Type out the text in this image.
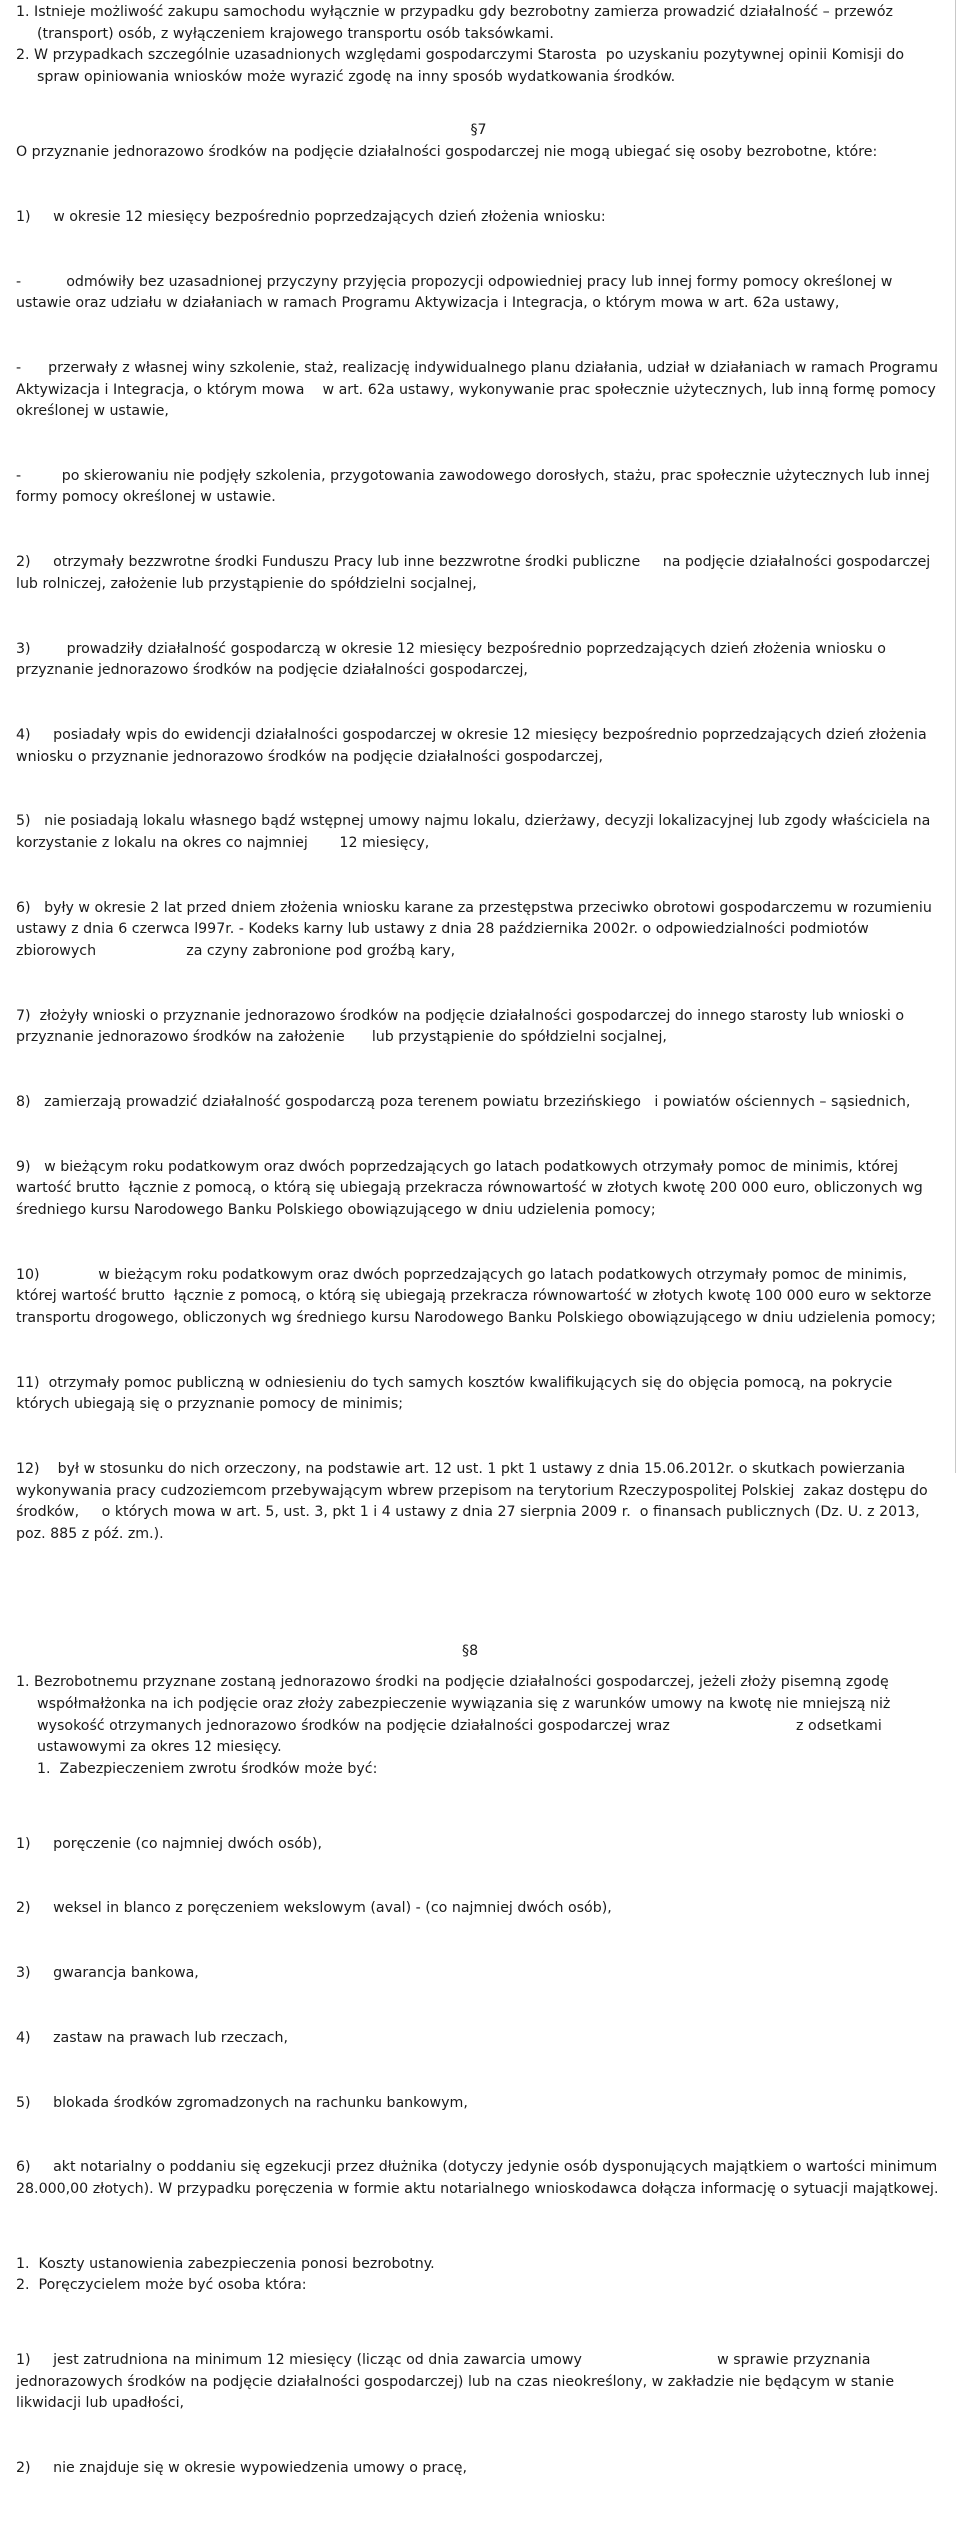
1. Istnieje możliwość zakupu samochodu wyłącznie w przypadku gdy bezrobotny zamierza prowadzić działalność – przewóz (transport) osób, z wyłączeniem krajowego transportu osób taksówkami.

2. W przypadkach szczególnie uzasadnionych względami gospodarczymi Starosta  po uzyskaniu pozytywnej opinii Komisji do spraw opiniowania wniosków może wyrazić zgodę na inny sposób wydatkowania środków.

§7

O przyznanie jednorazowo środków na podjęcie działalności gospodarczej nie mogą ubiegać się osoby bezrobotne, które:

1)     w okresie 12 miesięcy bezpośrednio poprzedzających dzień złożenia wniosku:

-          odmówiły bez uzasadnionej przyczyny przyjęcia propozycji odpowiedniej pracy lub innej formy pomocy określonej w ustawie oraz udziału w działaniach w ramach Programu Aktywizacja i Integracja, o którym mowa w art. 62a ustawy,

-      przerwały z własnej winy szkolenie, staż, realizację indywidualnego planu działania, udział w działaniach w ramach Programu Aktywizacja i Integracja, o którym mowa    w art. 62a ustawy, wykonywanie prac społecznie użytecznych, lub inną formę pomocy określonej w ustawie,

-         po skierowaniu nie podjęły szkolenia, przygotowania zawodowego dorosłych, stażu, prac społecznie użytecznych lub innej formy pomocy określonej w ustawie.

2)     otrzymały bezzwrotne środki Funduszu Pracy lub inne bezzwrotne środki publiczne     na podjęcie działalności gospodarczej lub rolniczej, założenie lub przystąpienie do spółdzielni socjalnej,

3)        prowadziły działalność gospodarczą w okresie 12 miesięcy bezpośrednio poprzedzających dzień złożenia wniosku o przyznanie jednorazowo środków na podjęcie działalności gospodarczej,

4)     posiadały wpis do ewidencji działalności gospodarczej w okresie 12 miesięcy bezpośrednio poprzedzających dzień złożenia wniosku o przyznanie jednorazowo środków na podjęcie działalności gospodarczej,

5)   nie posiadają lokalu własnego bądź wstępnej umowy najmu lokalu, dzierżawy, decyzji lokalizacyjnej lub zgody właściciela na korzystanie z lokalu na okres co najmniej       12 miesięcy,

6)   były w okresie 2 lat przed dniem złożenia wniosku karane za przestępstwa przeciwko obrotowi gospodarczemu w rozumieniu ustawy z dnia 6 czerwca l997r. - Kodeks karny lub ustawy z dnia 28 października 2002r. o odpowiedzialności podmiotów zbiorowych                    za czyny zabronione pod groźbą kary,

7)  złożyły wnioski o przyznanie jednorazowo środków na podjęcie działalności gospodarczej do innego starosty lub wnioski o przyznanie jednorazowo środków na założenie      lub przystąpienie do spółdzielni socjalnej,

8)   zamierzają prowadzić działalność gospodarczą poza terenem powiatu brzezińskiego   i powiatów ościennych – sąsiednich,

9)   w bieżącym roku podatkowym oraz dwóch poprzedzających go latach podatkowych otrzymały pomoc de minimis, której wartość brutto  łącznie z pomocą, o którą się ubiegają przekracza równowartość w złotych kwotę 200 000 euro, obliczonych wg średniego kursu Narodowego Banku Polskiego obowiązującego w dniu udzielenia pomocy;

10)             w bieżącym roku podatkowym oraz dwóch poprzedzających go latach podatkowych otrzymały pomoc de minimis, której wartość brutto  łącznie z pomocą, o którą się ubiegają przekracza równowartość w złotych kwotę 100 000 euro w sektorze transportu drogowego, obliczonych wg średniego kursu Narodowego Banku Polskiego obowiązującego w dniu udzielenia pomocy;

11)  otrzymały pomoc publiczną w odniesieniu do tych samych kosztów kwalifikujących się do objęcia pomocą, na pokrycie których ubiegają się o przyznanie pomocy de minimis;

12)    był w stosunku do nich orzeczony, na podstawie art. 12 ust. 1 pkt 1 ustawy z dnia 15.06.2012r. o skutkach powierzania wykonywania pracy cudzoziemcom przebywającym wbrew przepisom na terytorium Rzeczypospolitej Polskiej  zakaz dostępu do środków,     o których mowa w art. 5, ust. 3, pkt 1 i 4 ustawy z dnia 27 sierpnia 2009 r.  o finansach publicznych (Dz. U. z 2013, poz. 885 z póź. zm.).

§8

1. Bezrobotnemu przyznane zostaną jednorazowo środki na podjęcie działalności gospodarczej, jeżeli złoży pisemną zgodę współmałżonka na ich podjęcie oraz złoży zabezpieczenie wywiązania się z warunków umowy na kwotę nie mniejszą niż wysokość otrzymanych jednorazowo środków na podjęcie działalności gospodarczej wraz                            z odsetkami ustawowymi za okres 12 miesięcy.

1.  Zabezpieczeniem zwrotu środków może być:

1)     poręczenie (co najmniej dwóch osób),

2)     weksel in blanco z poręczeniem wekslowym (aval) - (co najmniej dwóch osób),

3)     gwarancja bankowa,

4)     zastaw na prawach lub rzeczach,

5)     blokada środków zgromadzonych na rachunku bankowym,

6)     akt notarialny o poddaniu się egzekucji przez dłużnika (dotyczy jedynie osób dysponujących majątkiem o wartości minimum 28.000,00 złotych). W przypadku poręczenia w formie aktu notarialnego wnioskodawca dołącza informację o sytuacji majątkowej.

1.  Koszty ustanowienia zabezpieczenia ponosi bezrobotny.

2.  Poręczycielem może być osoba która:

1)     jest zatrudniona na minimum 12 miesięcy (licząc od dnia zawarcia umowy                              w sprawie przyznania jednorazowych środków na podjęcie działalności gospodarczej) lub na czas nieokreślony, w zakładzie nie będącym w stanie likwidacji lub upadłości,

2)     nie znajduje się w okresie wypowiedzenia umowy o pracę,
